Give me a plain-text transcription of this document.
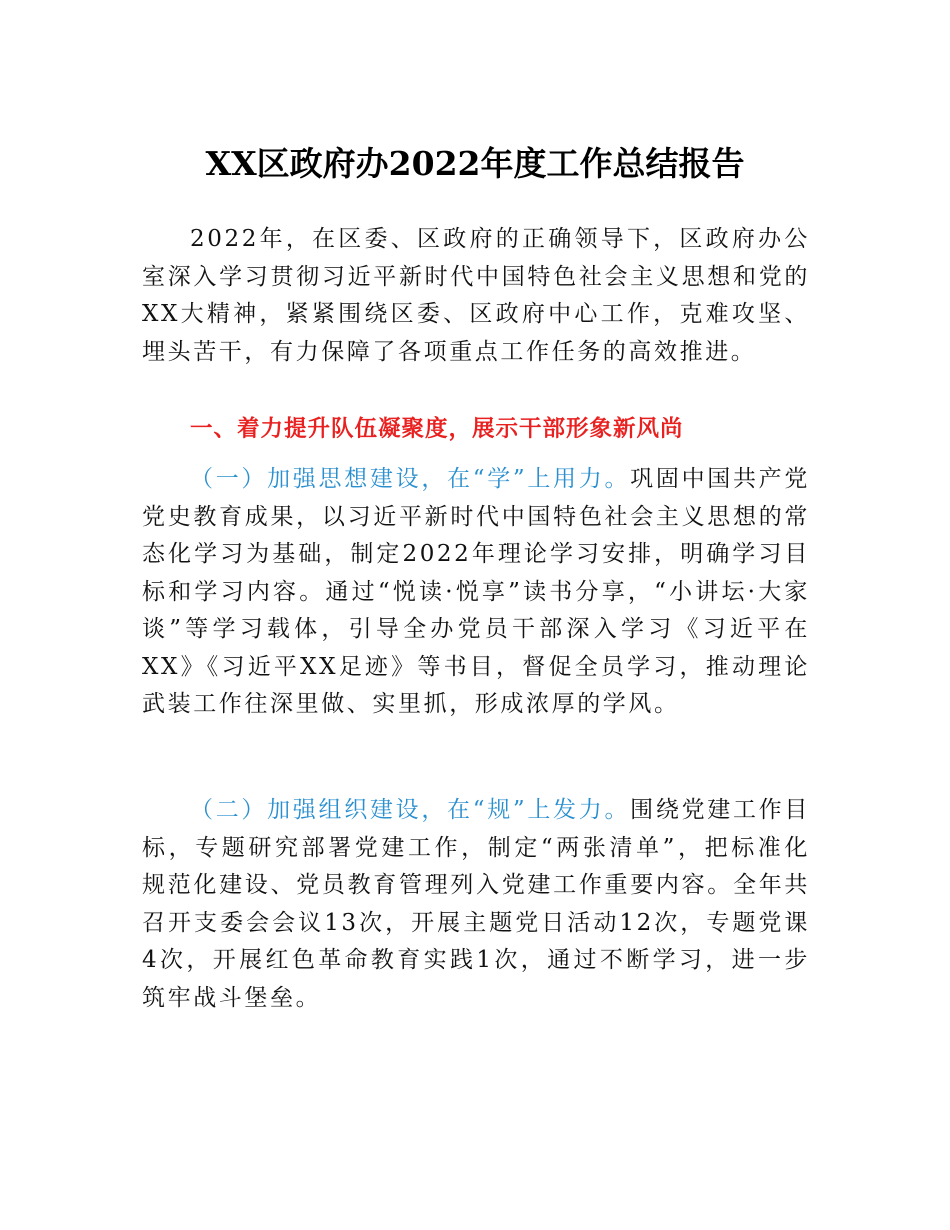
XX区政府办2022年度工作总结报告

2022年，在区委、区政府的正确领导下，区政府办公室深入学习贯彻习近平新时代中国特色社会主义思想和党的XX大精神，紧紧围绕区委、区政府中心工作，克难攻坚、埋头苦干，有力保障了各项重点工作任务的高效推进。

一、着力提升队伍凝聚度，展示干部形象新风尚

（一）加强思想建设，在“学”上用力。巩固中国共产党党史教育成果，以习近平新时代中国特色社会主义思想的常态化学习为基础，制定2022年理论学习安排，明确学习目标和学习内容。通过“悦读·悦享”读书分享，“小讲坛·大家谈”等学习载体，引导全办党员干部深入学习《习近平在XX》《习近平XX足迹》等书目，督促全员学习，推动理论武装工作往深里做、实里抓，形成浓厚的学风。

（二）加强组织建设，在“规”上发力。围绕党建工作目标，专题研究部署党建工作，制定“两张清单”，把标准化规范化建设、党员教育管理列入党建工作重要内容。全年共召开支委会会议13次，开展主题党日活动12次，专题党课4次，开展红色革命教育实践1次，通过不断学习，进一步筑牢战斗堡垒。
